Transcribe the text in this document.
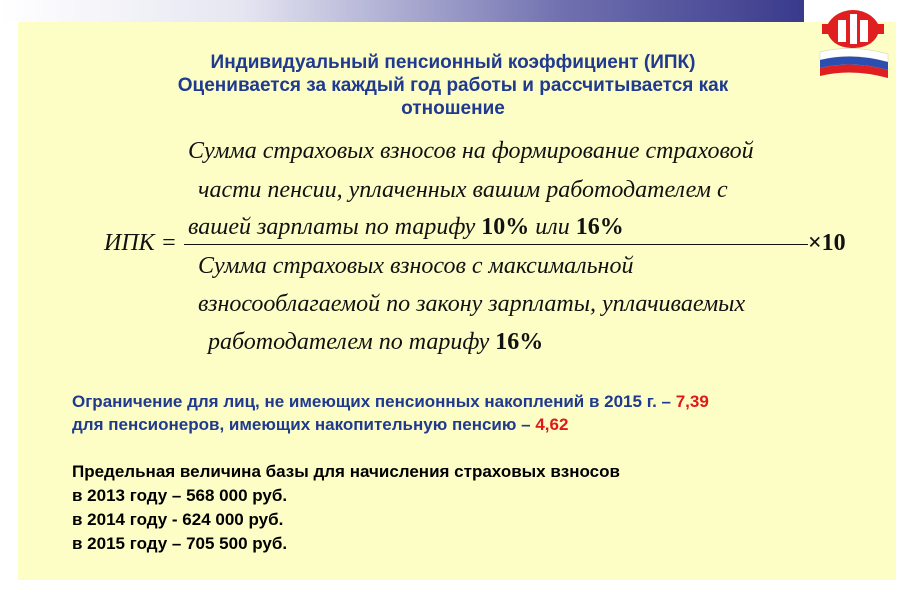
Индивидуальный пенсионный коэффициент (ИПК)
Оценивается за каждый год работы и рассчитывается как
отношение
Сумма страховых взносов на формирование страховой
части пенсии, уплаченных вашим работодателем с
вашей зарплаты по тарифу 10% или 16%
ИПК =	×10
Сумма страховых взносов с максимальной
взносооблагаемой по закону зарплаты, уплачиваемых
работодателем по тарифу 16%
Ограничение для лиц, не имеющих пенсионных накоплений в 2015 г. – 7,39
для пенсионеров, имеющих накопительную пенсию – 4,62
Предельная величина базы для начисления страховых взносов
в 2013 году – 568 000 руб.
в 2014 году - 624 000 руб.
в 2015 году – 705 500 руб.
